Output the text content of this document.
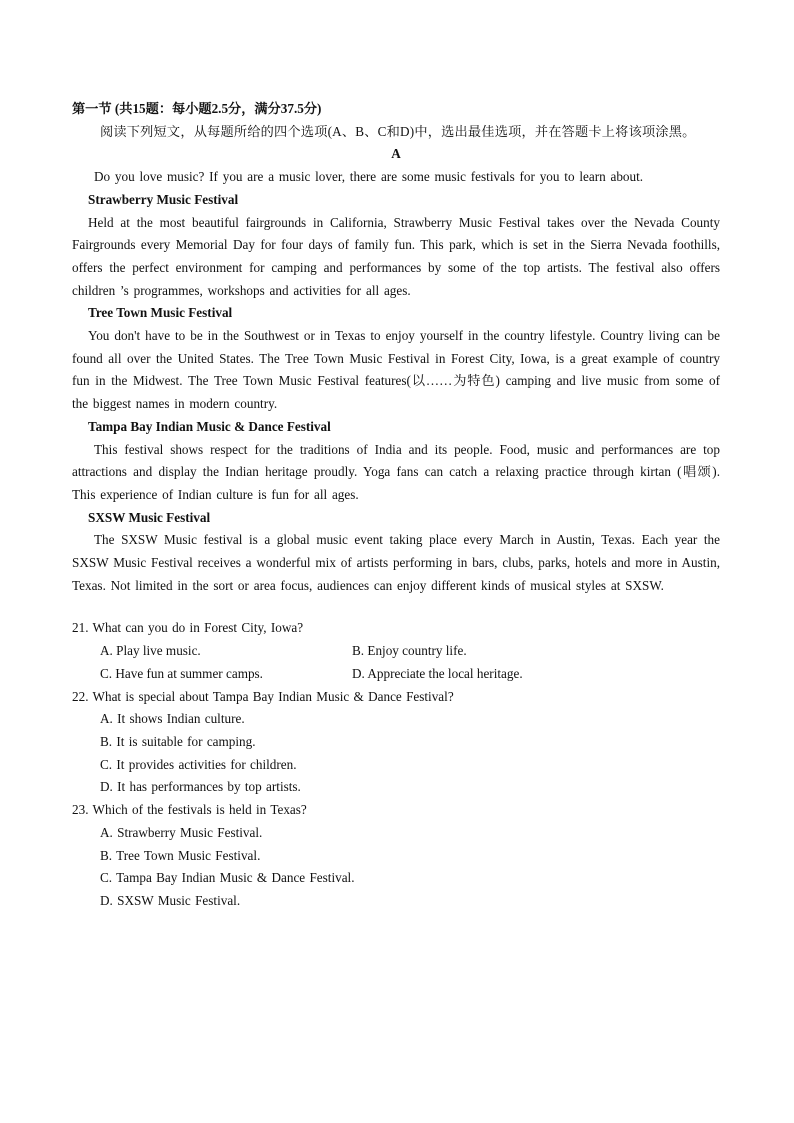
第一节 (共15题：每小题2.5分，满分37.5分)

阅读下列短文，从每题所给的四个选项(A、B、C和D)中，选出最佳选项，并在答题卡上将该项涂黑。

A

Do you love music? If you are a music lover, there are some music festivals for you to learn about.

Strawberry Music Festival

Held at the most beautiful fairgrounds in California, Strawberry Music Festival takes over the Nevada County Fairgrounds every Memorial Day for four days of family fun. This park, which is set in the Sierra Nevada foothills, offers the perfect environment for camping and performances by some of the top artists. The festival also offers children ’s programmes, workshops and activities for all ages.

Tree Town Music Festival

You don't have to be in the Southwest or in Texas to enjoy yourself in the country lifestyle. Country living can be found all over the United States. The Tree Town Music Festival in Forest City, Iowa, is a great example of country fun in the Midwest. The Tree Town Music Festival features(以……为特色) camping and live music from some of the biggest names in modern country.

Tampa Bay Indian Music & Dance Festival

This festival shows respect for the traditions of India and its people. Food, music and performances are top attractions and display the Indian heritage proudly. Yoga fans can catch a relaxing practice through kirtan (唱颂). This experience of Indian culture is fun for all ages.

SXSW Music Festival

The SXSW Music festival is a global music event taking place every March in Austin, Texas. Each year the SXSW Music Festival receives a wonderful mix of artists performing in bars, clubs, parks, hotels and more in Austin, Texas. Not limited in the sort or area focus, audiences can enjoy different kinds of musical styles at SXSW.

21. What can you do in Forest City, Iowa?

A. Play live music.	B. Enjoy country life.
C. Have fun at summer camps.	D. Appreciate the local heritage.

22. What is special about Tampa Bay Indian Music & Dance Festival?

A. It shows Indian culture.

B. It is suitable for camping.

C. It provides activities for children.

D. It has performances by top artists.

23. Which of the festivals is held in Texas?

A. Strawberry Music Festival.

B. Tree Town Music Festival.

C. Tampa Bay Indian Music & Dance Festival.

D. SXSW Music Festival.
